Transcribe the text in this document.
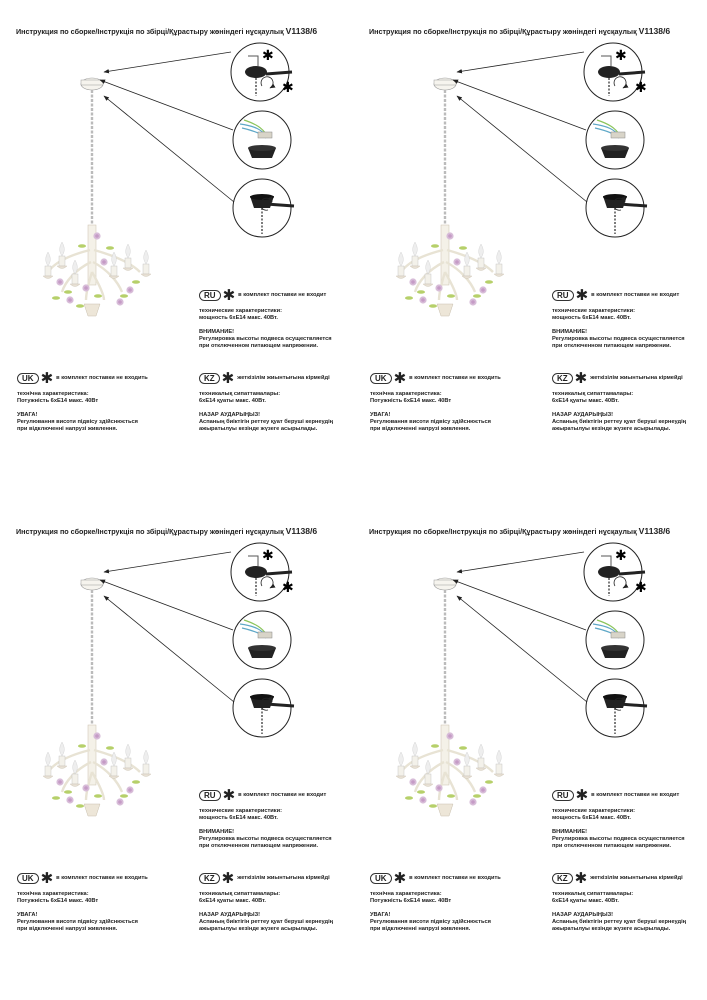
Инструкция по сборке/Інструкція по збірці/Құрастыру жөніндегі нұсқаулық V1138/6
RU ✱ в комплект поставки не входит
технические характеристики:
мощность 6хЕ14 макс. 40Вт.
ВНИМАНИЕ!
Регулировка высоты подвеса осуществляется
при отключенном питающем напряжении.
UK ✱ в комплект поставки не входить
технічна характеристика:
Потужність 6хЕ14 макс. 40Вт
УВАГА!
Регулювання висоти підвісу здійснюється
при відключенні напрузі живлення.
KZ ✱ жеткізілім жиынтығына кірмейді
техникалық сипаттамалары:
6хЕ14 қуаты макс. 40Вт.
НАЗАР АУДАРЫҢЫЗ!
Аспаның биіктігін реттеу қуат беруші кернеудің
ажыратылуы кезінде жүзеге асырылады.
Инструкция по сборке/Інструкція по збірці/Құрастыру жөніндегі нұсқаулық V1138/6
RU ✱ в комплект поставки не входит
технические характеристики:
мощность 6хЕ14 макс. 40Вт.
ВНИМАНИЕ!
Регулировка высоты подвеса осуществляется
при отключенном питающем напряжении.
UK ✱ в комплект поставки не входить
технічна характеристика:
Потужність 6хЕ14 макс. 40Вт
УВАГА!
Регулювання висоти підвісу здійснюється
при відключенні напрузі живлення.
KZ ✱ жеткізілім жиынтығына кірмейді
техникалық сипаттамалары:
6хЕ14 қуаты макс. 40Вт.
НАЗАР АУДАРЫҢЫЗ!
Аспаның биіктігін реттеу қуат беруші кернеудің
ажыратылуы кезінде жүзеге асырылады.
Инструкция по сборке/Інструкція по збірці/Құрастыру жөніндегі нұсқаулық V1138/6
RU ✱ в комплект поставки не входит
технические характеристики:
мощность 6хЕ14 макс. 40Вт.
ВНИМАНИЕ!
Регулировка высоты подвеса осуществляется
при отключенном питающем напряжении.
UK ✱ в комплект поставки не входить
технічна характеристика:
Потужність 6хЕ14 макс. 40Вт
УВАГА!
Регулювання висоти підвісу здійснюється
при відключенні напрузі живлення.
KZ ✱ жеткізілім жиынтығына кірмейді
техникалық сипаттамалары:
6хЕ14 қуаты макс. 40Вт.
НАЗАР АУДАРЫҢЫЗ!
Аспаның биіктігін реттеу қуат беруші кернеудің
ажыратылуы кезінде жүзеге асырылады.
Инструкция по сборке/Інструкція по збірці/Құрастыру жөніндегі нұсқаулық V1138/6
RU ✱ в комплект поставки не входит
технические характеристики:
мощность 6хЕ14 макс. 40Вт.
ВНИМАНИЕ!
Регулировка высоты подвеса осуществляется
при отключенном питающем напряжении.
UK ✱ в комплект поставки не входить
технічна характеристика:
Потужність 6хЕ14 макс. 40Вт
УВАГА!
Регулювання висоти підвісу здійснюється
при відключенні напрузі живлення.
KZ ✱ жеткізілім жиынтығына кірмейді
техникалық сипаттамалары:
6хЕ14 қуаты макс. 40Вт.
НАЗАР АУДАРЫҢЫЗ!
Аспаның биіктігін реттеу қуат беруші кернеудің
ажыратылуы кезінде жүзеге асырылады.
